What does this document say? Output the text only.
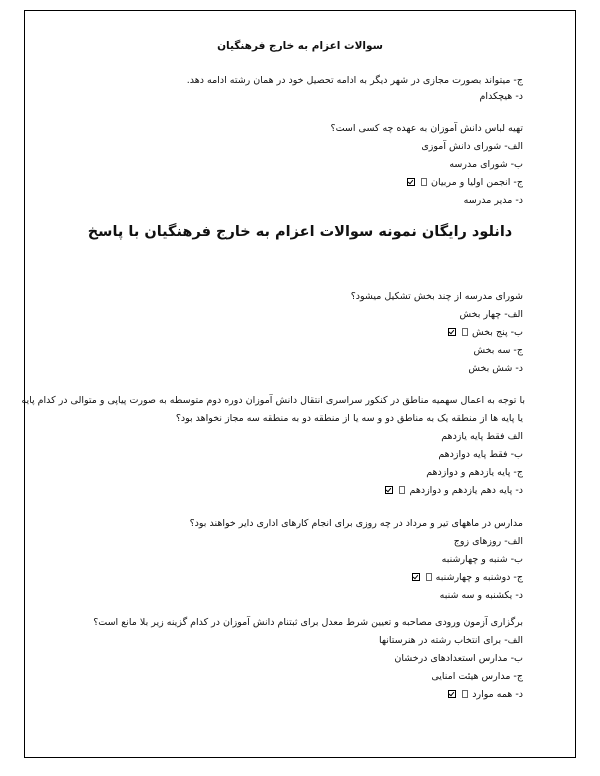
سوالات اعزام به خارج فرهنگیان
ج- میتواند بصورت مجازی در شهر دیگر به ادامه تحصیل خود در همان رشته ادامه دهد.
د- هیچکدام
تهیه لباس دانش آموزان به عهده چه کسی است؟
الف- شورای دانش آموزی
ب- شورای مدرسه
ج- انجمن اولیا و مربیان
د- مدیر مدرسه
دانلود رایگان نمونه سوالات اعزام به خارج فرهنگیان با پاسخ
شورای مدرسه از چند بخش تشکیل میشود؟
الف- چهار بخش
ب- پنج بخش
ج- سه بخش
د- شش بخش
با توجه به اعمال سهمیه مناطق در کنکور سراسری انتقال دانش آموزان دوره دوم متوسطه به صورت پیاپی و متوالی در کدام پایه
یا پایه ها از منطقه یک به مناطق دو و سه یا از منطقه دو به منطقه سه مجاز نخواهد بود؟
الف فقط پایه یازدهم
ب- فقط پایه دوازدهم
ج- پایه یازدهم و دوازدهم
د- پایه دهم یازدهم و دوازدهم
مدارس در ماههای تیر و مرداد در چه روزی برای انجام کارهای اداری دایر خواهند بود؟
الف- روزهای زوج
ب- شنبه و چهارشنبه
ج- دوشنبه و چهارشنبه
د- یکشنبه و سه شنبه
برگزاری آزمون ورودی مصاحبه و تعیین شرط معدل برای ثبتنام دانش آموزان در کدام گزینه زیر بلا مانع است؟
الف- برای انتخاب رشته در هنرستانها
ب- مدارس استعدادهای درخشان
ج- مدارس هیئت امنایی
د- همه موارد
